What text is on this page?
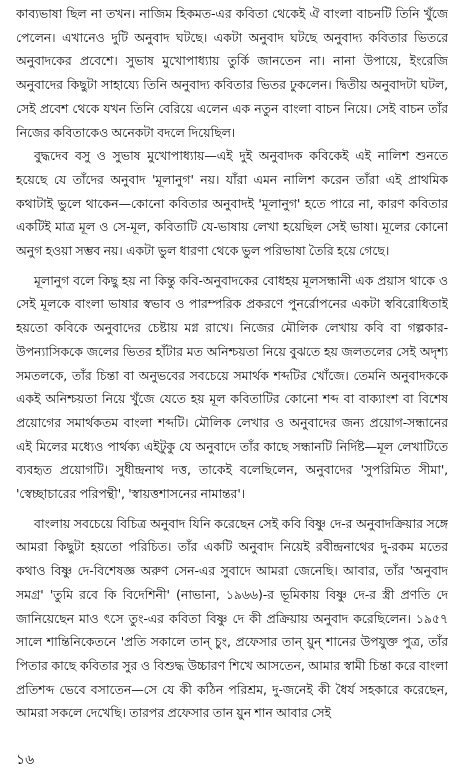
কাব্যভাষা ছিল না তখন। নাজিম হিকমত-এর কবিতা থেকেই ঐ বাংলা বাচনটি তিনি খুঁজে পেলেন। এখানেও দুটি অনুবাদ ঘটছে। একটা অনুবাদ ঘটছে অনুবাদ্য কবিতার ভিতরে অনুবাদকের প্রবেশে। সুভাষ মুখোপাধ্যায় তুর্কি জানতেন না। নানা উপায়ে, ইংরেজি অনুবাদের কিছুটা সাহায্যে তিনি অনুবাদ্য কবিতার ভিতর ঢুকলেন। দ্বিতীয় অনুবাদটা ঘটল, সেই প্রবেশ থেকে যখন তিনি বেরিয়ে এলেন এক নতুন বাংলা বাচন নিয়ে। সেই বাচন তাঁর নিজের কবিতাকেও অনেকটা বদলে দিয়েছিল।

বুদ্ধদেব বসু ও সুভাষ মুখোপাধ্যায়—এই দুই অনুবাদক কবিকেই এই নালিশ শুনতে হয়েছে যে তাঁদের অনুবাদ 'মূলানুগ' নয়। যাঁরা এমন নালিশ করেন তাঁরা এই প্রাথমিক কথাটাই ভুলে থাকেন—কোনো কবিতার অনুবাদই 'মূলানুগ' হতে পারে না, কারণ কবিতার একটিই মাত্র মূল ও সে-মূল, কবিতাটি যে-ভাষায় লেখা হয়েছিল সেই ভাষা। মূলের কোনো অনুগ হওয়া সম্ভব নয়। একটা ভুল ধারণা থেকে ভুল পরিভাষা তৈরি হয়ে গেছে।

মূলানুগ বলে কিছু হয় না কিন্তু কবি-অনুবাদকের বোধহয় মূলসন্ধানী এক প্রয়াস থাকে ও সেই মূলকে বাংলা ভাষার স্বভাব ও পারম্পরিক প্রকরণে পুনর্রোপনের একটা স্ববিরোধিতাই হয়তো কবিকে অনুবাদের চেষ্টায় মগ্ন রাখে। নিজের মৌলিক লেখায় কবি বা গল্পকার-উপন্যাসিককে জলের ভিতর হাঁটার মত অনিশ্চয়তা নিয়ে বুঝতে হয় জলতলের সেই অদৃশ্য সমতলকে, তাঁর চিন্তা বা অনুভবের সবচেয়ে সমার্থক শব্দটির খোঁজে। তেমনি অনুবাদককে একই অনিশ্চয়তা নিয়ে খুঁজে যেতে হয় মূল কবিতাটির কোনো শব্দ বা বাক্যাংশ বা বিশেষ প্রয়োগের সমার্থকতম বাংলা শব্দটি। মৌলিক লেখার ও অনুবাদের জন্য প্রয়োগ-সন্ধানের এই মিলের মধ্যেও পার্থক্য এইটুকু যে অনুবাদে তাঁর কাছে সন্ধানটি নির্দিষ্ট—মূল লেখাটিতে ব্যবহৃত প্রয়োগটি। সুধীন্দ্রনাথ দত্ত, তাকেই বলেছিলেন, অনুবাদের 'সুপরিমিত সীমা', 'স্বেচ্ছাচারের পরিপন্থী', 'স্বায়ত্তশাসনের নামান্তর'।

বাংলায় সবচেয়ে বিচিত্র অনুবাদ যিনি করেছেন সেই কবি বিষ্ণু দে-র অনুবাদক্রিয়ার সঙ্গে আমরা কিছুটা হয়তো পরিচিত। তাঁর একটি অনুবাদ নিয়েই রবীন্দ্রনাথের দু-রকম মতের কথাও বিষ্ণু দে-বিশেষজ্ঞ অরুণ সেন-এর সুবাদে আমরা জেনেছি। আবার, তাঁর 'অনুবাদ সমগ্র' 'তুমি রবে কি বিদেশিনী' (নাভানা, ১৯৬৬)-র ভূমিকায় বিষ্ণু দে-র স্ত্রী প্রণতি দে জানিয়েছেন মাও ৎসে তুং-এর কবিতা বিষ্ণু দে কী প্রক্রিয়ায় অনুবাদ করেছিলেন। ১৯৫৭ সালে শান্তিনিকেতনে 'প্রতি সকালে তান্ চুং, প্রফেসার তান্ য়ুন্ শানের উপযুক্ত পুত্র, তাঁর পিতার কাছে কবিতার সুর ও বিশুদ্ধ উচ্চারণ শিখে আসতেন, আমার স্বামী চিন্তা করে বাংলা প্রতিশব্দ ভেবে বসাতেন—সে যে কী কঠিন পরিশ্রম, দু-জনেই কী ধৈর্য সহকারে করেছেন, আমরা সকলে দেখেছি। তারপর প্রফেসার তান য়ুন শান আবার সেই

১৬
